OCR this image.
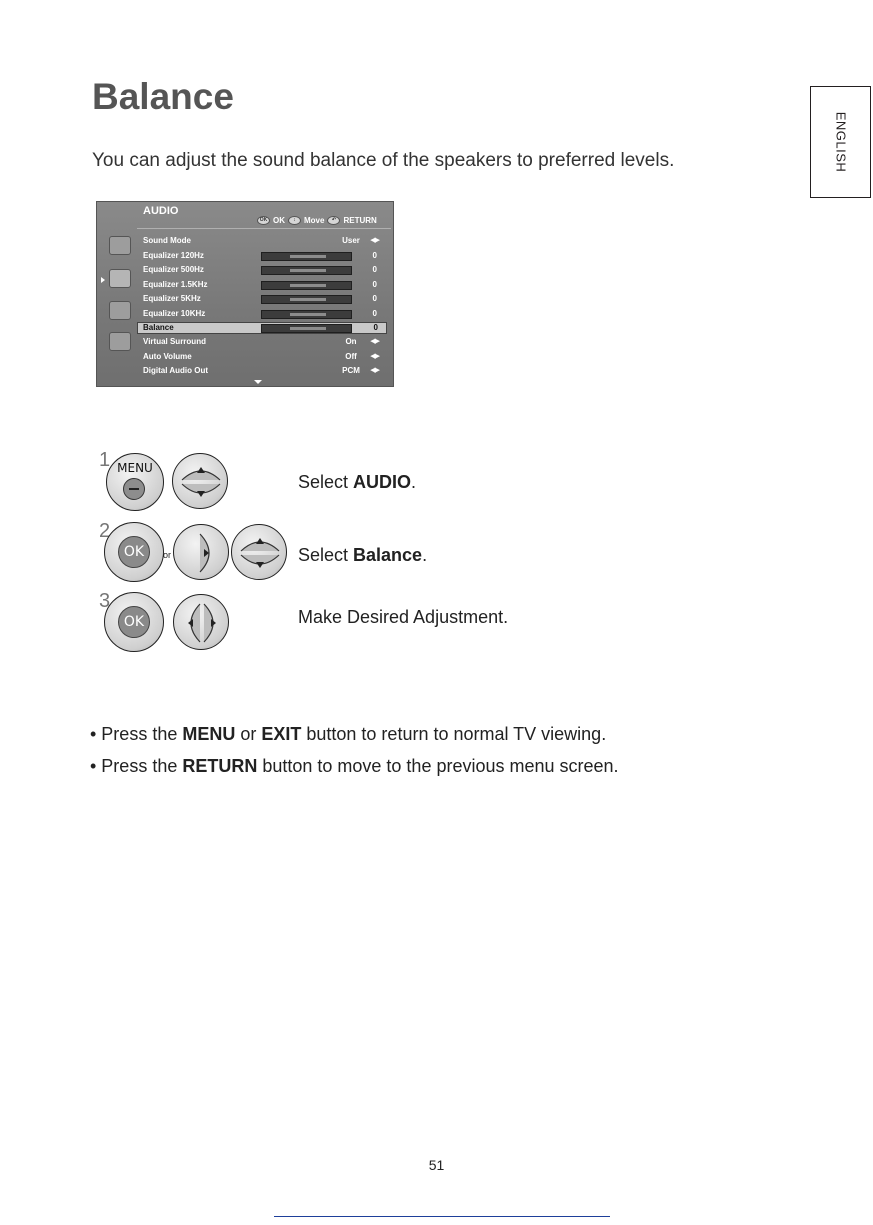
Balance
You can adjust the sound balance of the speakers to preferred levels.	ENGLISH
AUDIO
OK OK	↕	Move	↶ RETURN
Sound Mode	User	◀▶
Equalizer 120Hz	0
Equalizer 500Hz	0
Equalizer 1.5KHz	0
Equalizer 5KHz	0
Equalizer 10KHz	0
Balance	0
Virtual Surround	On	◀▶
Auto Volume	Off	◀▶
Digital Audio Out	PCM	◀▶
1 MENU
Select AUDIO.
2
OK	or	Select Balance.
3
OK	Make Desired Adjustment.
• Press the MENU or EXIT button to return to normal TV viewing.
• Press the RETURN button to move to the previous menu screen.
51
